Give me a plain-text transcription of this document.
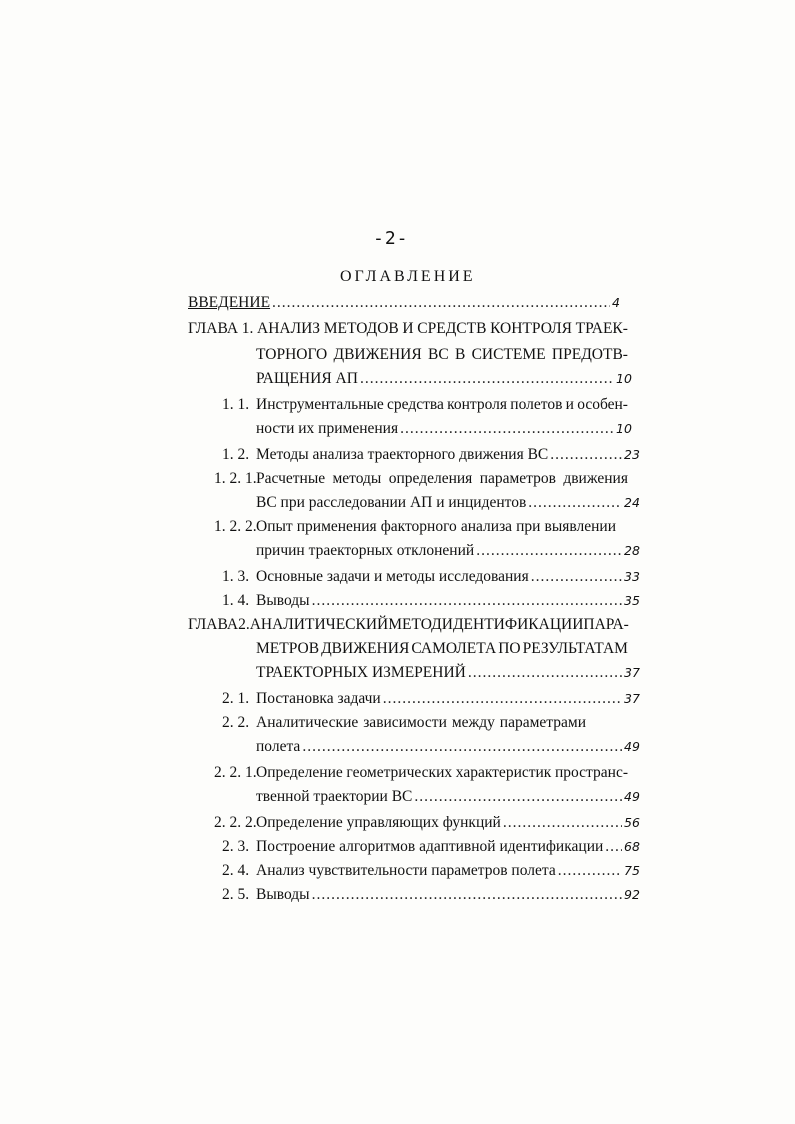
-2-
ОГЛАВЛЕНИЕ
ВВЕДЕНИЕ .....	4
ГЛАВА 1. АНАЛИЗ МЕТОДОВ И СРЕДСТВ КОНТРОЛЯ ТРАЕК-
ТОРНОГО ДВИЖЕНИЯ ВС В СИСТЕМЕ ПРЕДОТВ-
РАЩЕНИЯ АП .....	10
1. 1. Инструментальные средства контроля полетов и особен-
ности их применения .....	10
1. 2. Методы анализа траекторного движения ВС .....	23
1. 2. 1. Расчетные методы определения параметров движения
ВС при расследовании АП и инцидентов .....	24
1. 2. 2. Опыт применения факторного анализа при выявлении
причин траекторных отклонений .....	28
1. 3. Основные задачи и методы исследования .....	33
1. 4. Выводы .....	35
ГЛАВА 2. АНАЛИТИЧЕСКИЙ МЕТОД ИДЕНТИФИКАЦИИ ПАРА-
МЕТРОВ ДВИЖЕНИЯ САМОЛЕТА ПО РЕЗУЛЬТАТАМ
ТРАЕКТОРНЫХ ИЗМЕРЕНИЙ .....	37
2. 1. Постановка задачи .....	37
2. 2. Аналитические зависимости между параметрами
полета .....	49
2. 2. 1. Определение геометрических характеристик пространс-
твенной траектории ВС .....	49
2. 2. 2. Определение управляющих функций .....	56
2. 3. Построение алгоритмов адаптивной идентификации ..... 68
2. 4. Анализ чувствительности параметров полета .....	75
2. 5. Выводы .....	92
